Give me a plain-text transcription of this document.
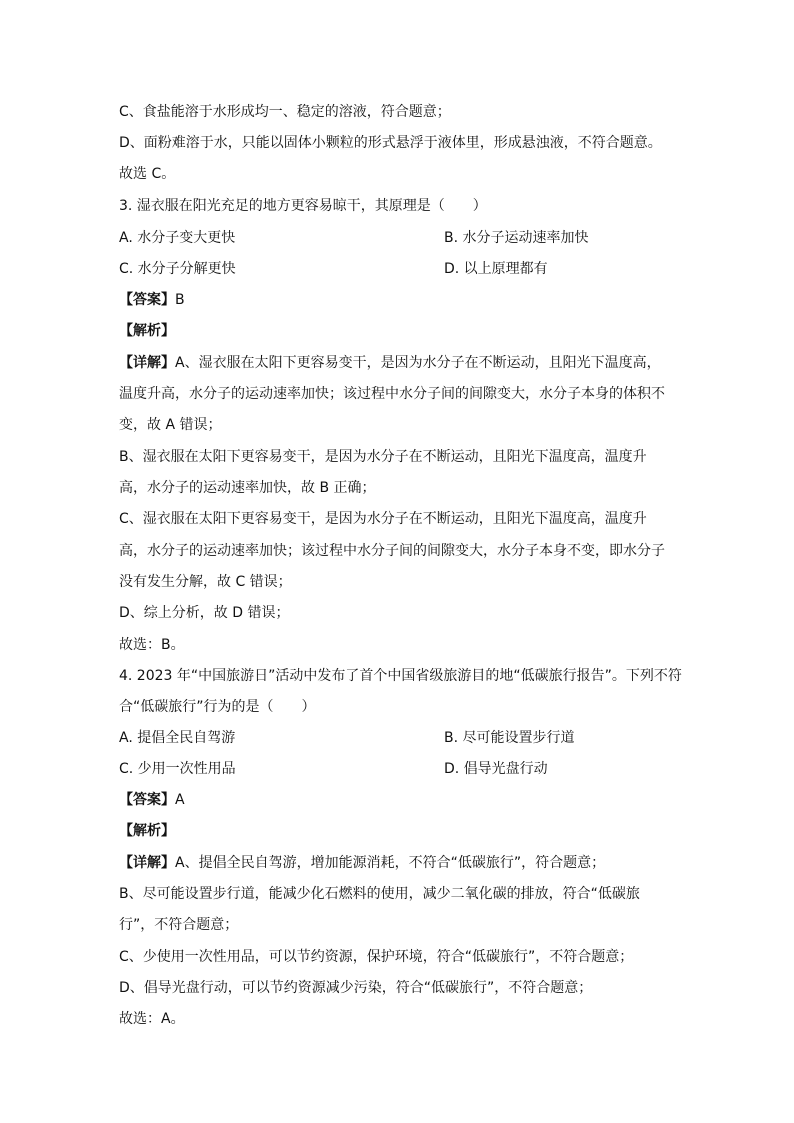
C、食盐能溶于水形成均一、稳定的溶液，符合题意；
D、面粉难溶于水，只能以固体小颗粒的形式悬浮于液体里，形成悬浊液，不符合题意。
故选 C。
3. 湿衣服在阳光充足的地方更容易晾干，其原理是（　　）
A. 水分子变大更快	B. 水分子运动速率加快
C. 水分子分解更快	D. 以上原理都有
【答案】B
【解析】
【详解】A、湿衣服在太阳下更容易变干，是因为水分子在不断运动，且阳光下温度高，
温度升高，水分子的运动速率加快；该过程中水分子间的间隙变大，水分子本身的体积不
变，故 A 错误；
B、湿衣服在太阳下更容易变干，是因为水分子在不断运动，且阳光下温度高，温度升
高，水分子的运动速率加快，故 B 正确；
C、湿衣服在太阳下更容易变干，是因为水分子在不断运动，且阳光下温度高，温度升
高，水分子的运动速率加快；该过程中水分子间的间隙变大，水分子本身不变，即水分子
没有发生分解，故 C 错误；
D、综上分析，故 D 错误；
故选：B。
4. 2023 年“中国旅游日”活动中发布了首个中国省级旅游目的地“低碳旅行报告”。下列不符
合“低碳旅行”行为的是（　　）
A. 提倡全民自驾游	B. 尽可能设置步行道
C. 少用一次性用品	D. 倡导光盘行动
【答案】A
【解析】
【详解】A、提倡全民自驾游，增加能源消耗，不符合“低碳旅行”，符合题意；
B、尽可能设置步行道，能减少化石燃料的使用，减少二氧化碳的排放，符合“低碳旅
行”，不符合题意；
C、少使用一次性用品，可以节约资源，保护环境，符合“低碳旅行”，不符合题意；
D、倡导光盘行动，可以节约资源减少污染，符合“低碳旅行”，不符合题意；
故选：A。
